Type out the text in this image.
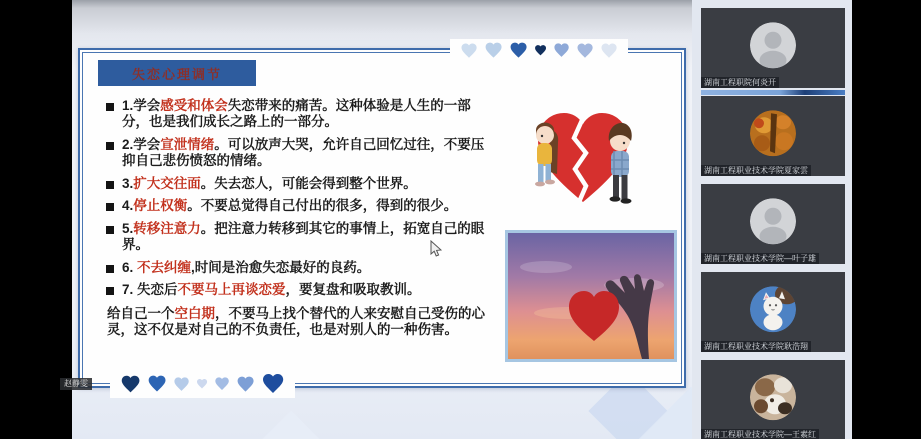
失恋心理调节
1.学会感受和体会失恋带来的痛苦。这种体验是人生的一部分，也是我们成长之路上的一部分。
2.学会宣泄情绪。可以放声大哭，允许自己回忆过往，不要压抑自己悲伤愤怒的情绪。
3.扩大交往面。失去恋人，可能会得到整个世界。
4.停止权衡。不要总觉得自己付出的很多，得到的很少。
5.转移注意力。把注意力转移到其它的事情上，拓宽自己的眼界。
6. 不去纠缠,时间是治愈失恋最好的良药。
7. 失恋后不要马上再谈恋爱，要复盘和吸取教训。
给自己一个空白期，不要马上找个替代的人来安慰自己受伤的心灵，这不仅是对自己的不负责任，也是对别人的一种伤害。
赵静雯
湖南工程职院何炎开
湖南工程职业技术学院夏家雲
湖南工程职业技术学院—叶子雄
湖南工程职业技术学院耿浩翔
湖南工程职业技术学院—王素红
